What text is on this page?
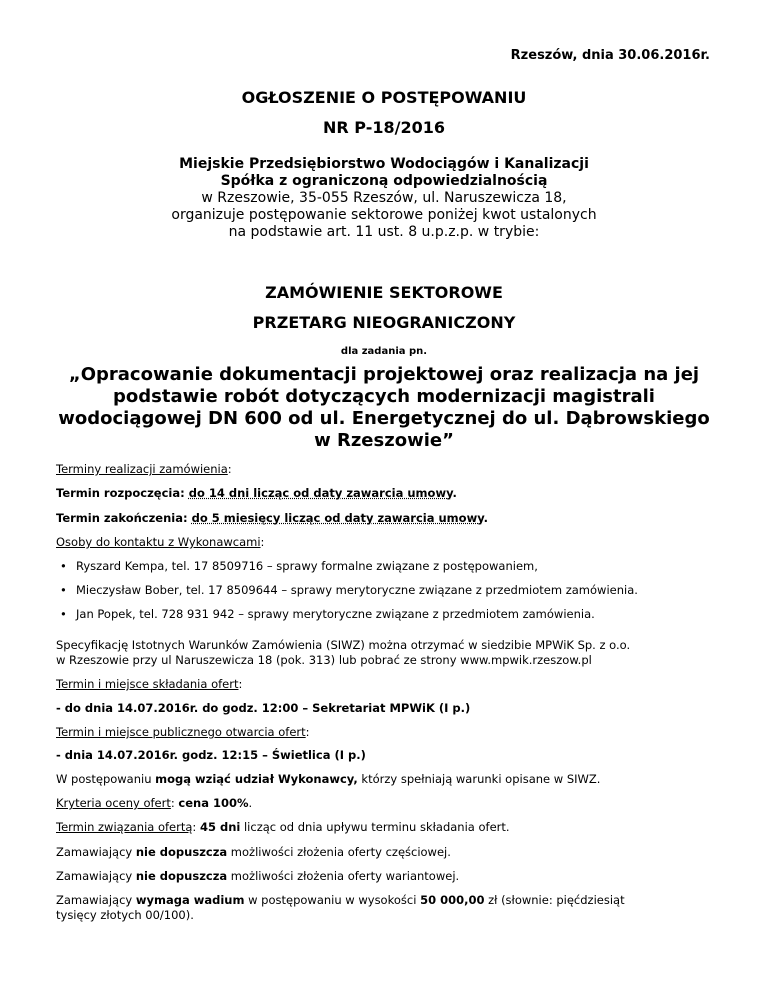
Rzeszów, dnia 30.06.2016r.
OGŁOSZENIE O POSTĘPOWANIU
NR P-18/2016
Miejskie Przedsiębiorstwo Wodociągów i Kanalizacji
Spółka z ograniczoną odpowiedzialnością
w Rzeszowie, 35-055 Rzeszów, ul. Naruszewicza 18,
organizuje postępowanie sektorowe poniżej kwot ustalonych
na podstawie art. 11 ust. 8 u.p.z.p. w trybie:
ZAMÓWIENIE SEKTOROWE
PRZETARG NIEOGRANICZONY
dla zadania pn.
„Opracowanie dokumentacji projektowej oraz realizacja na jej
podstawie robót dotyczących modernizacji magistrali
wodociągowej DN 600 od ul. Energetycznej do ul. Dąbrowskiego
w Rzeszowie”
Terminy realizacji zamówienia:
Termin rozpoczęcia: do 14 dni licząc od daty zawarcia umowy.
Termin zakończenia: do 5 miesięcy licząc od daty zawarcia umowy.
Osoby do kontaktu z Wykonawcami:
• Ryszard Kempa, tel. 17 8509716 – sprawy formalne związane z postępowaniem,
• Mieczysław Bober, tel. 17 8509644 – sprawy merytoryczne związane z przedmiotem zamówienia.
• Jan Popek, tel. 728 931 942 – sprawy merytoryczne związane z przedmiotem zamówienia.
Specyfikację Istotnych Warunków Zamówienia (SIWZ) można otrzymać w siedzibie MPWiK Sp. z o.o.
w Rzeszowie przy ul Naruszewicza 18 (pok. 313) lub pobrać ze strony www.mpwik.rzeszow.pl
Termin i miejsce składania ofert:
- do dnia 14.07.2016r. do godz. 12:00 – Sekretariat MPWiK (I p.)
Termin i miejsce publicznego otwarcia ofert:
- dnia 14.07.2016r. godz. 12:15 – Świetlica (I p.)
W postępowaniu mogą wziąć udział Wykonawcy, którzy spełniają warunki opisane w SIWZ.
Kryteria oceny ofert: cena 100%.
Termin związania ofertą: 45 dni licząc od dnia upływu terminu składania ofert.
Zamawiający nie dopuszcza możliwości złożenia oferty częściowej.
Zamawiający nie dopuszcza możliwości złożenia oferty wariantowej.
Zamawiający wymaga wadium w postępowaniu w wysokości 50 000,00 zł (słownie: pięćdziesiąt
tysięcy złotych 00/100).
